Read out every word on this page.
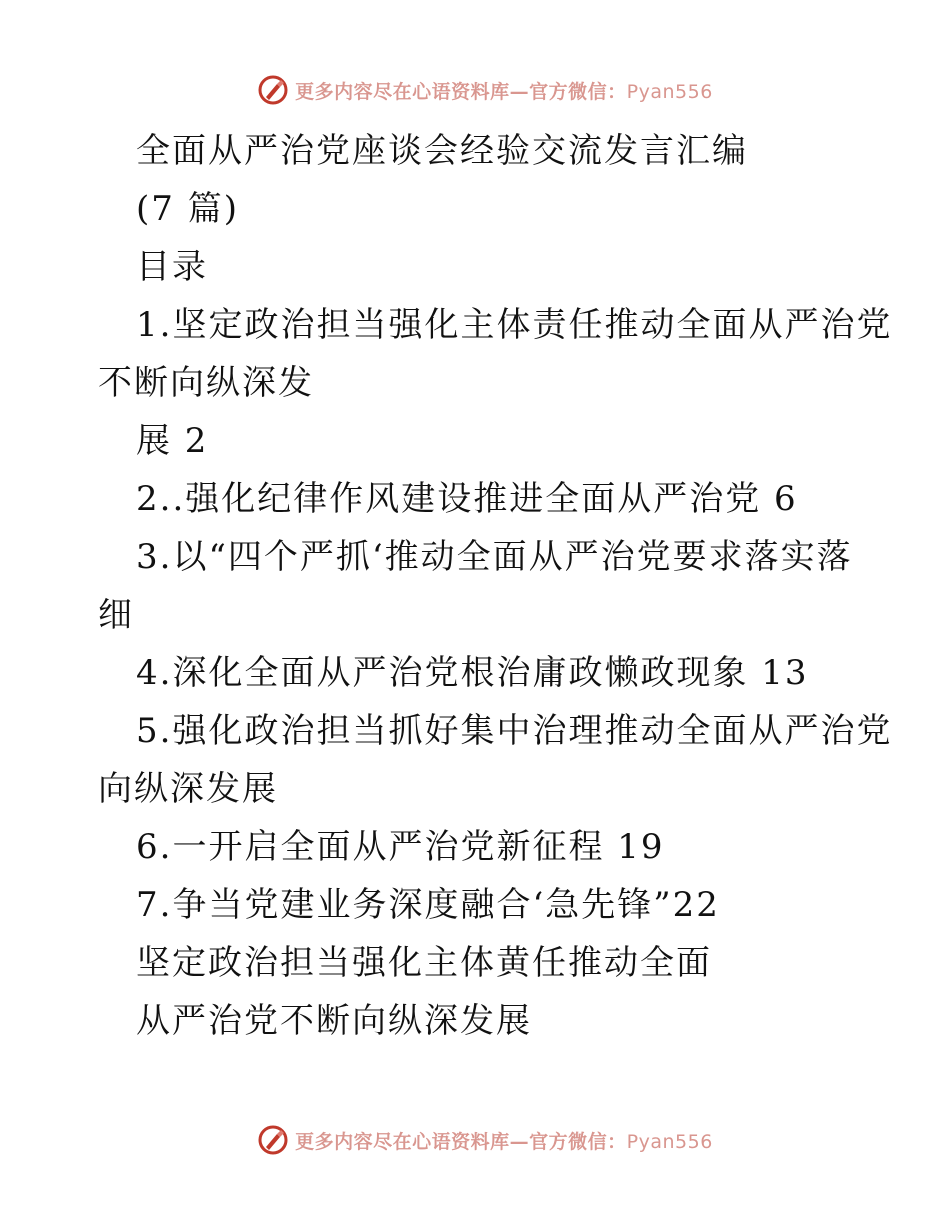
更多内容尽在心语资料库—官方微信：Pyan556
全面从严治党座谈会经验交流发言汇编
(7 篇)
目录
1.坚定政治担当强化主体责任推动全面从严治党
不断向纵深发
展 2
2..强化纪律作风建设推进全面从严治党 6
3.以“四个严抓‘推动全面从严治党要求落实落
细
4.深化全面从严治党根治庸政懒政现象 13
5.强化政治担当抓好集中治理推动全面从严治党
向纵深发展
6.一开启全面从严治党新征程 19
7.争当党建业务深度融合‘急先锋”22
坚定政治担当强化主体黄任推动全面
从严治党不断向纵深发展
更多内容尽在心语资料库—官方微信：Pyan556
